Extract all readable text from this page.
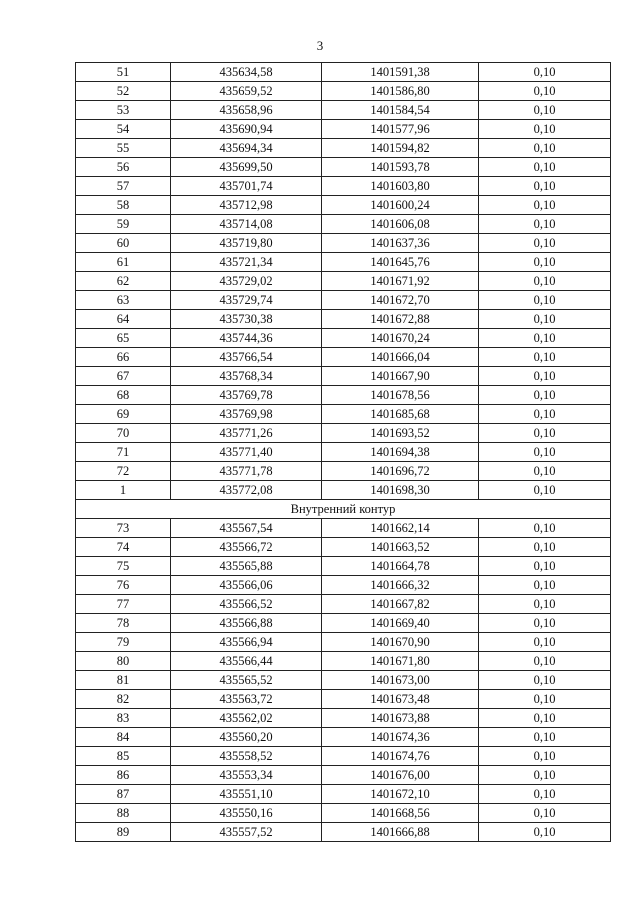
3
51	435634,58	1401591,38	0,10
52	435659,52	1401586,80	0,10
53	435658,96	1401584,54	0,10
54	435690,94	1401577,96	0,10
55	435694,34	1401594,82	0,10
56	435699,50	1401593,78	0,10
57	435701,74	1401603,80	0,10
58	435712,98	1401600,24	0,10
59	435714,08	1401606,08	0,10
60	435719,80	1401637,36	0,10
61	435721,34	1401645,76	0,10
62	435729,02	1401671,92	0,10
63	435729,74	1401672,70	0,10
64	435730,38	1401672,88	0,10
65	435744,36	1401670,24	0,10
66	435766,54	1401666,04	0,10
67	435768,34	1401667,90	0,10
68	435769,78	1401678,56	0,10
69	435769,98	1401685,68	0,10
70	435771,26	1401693,52	0,10
71	435771,40	1401694,38	0,10
72	435771,78	1401696,72	0,10
1	435772,08	1401698,30	0,10
Внутренний контур			
73	435567,54	1401662,14	0,10
74	435566,72	1401663,52	0,10
75	435565,88	1401664,78	0,10
76	435566,06	1401666,32	0,10
77	435566,52	1401667,82	0,10
78	435566,88	1401669,40	0,10
79	435566,94	1401670,90	0,10
80	435566,44	1401671,80	0,10
81	435565,52	1401673,00	0,10
82	435563,72	1401673,48	0,10
83	435562,02	1401673,88	0,10
84	435560,20	1401674,36	0,10
85	435558,52	1401674,76	0,10
86	435553,34	1401676,00	0,10
87	435551,10	1401672,10	0,10
88	435550,16	1401668,56	0,10
89	435557,52	1401666,88	0,10
